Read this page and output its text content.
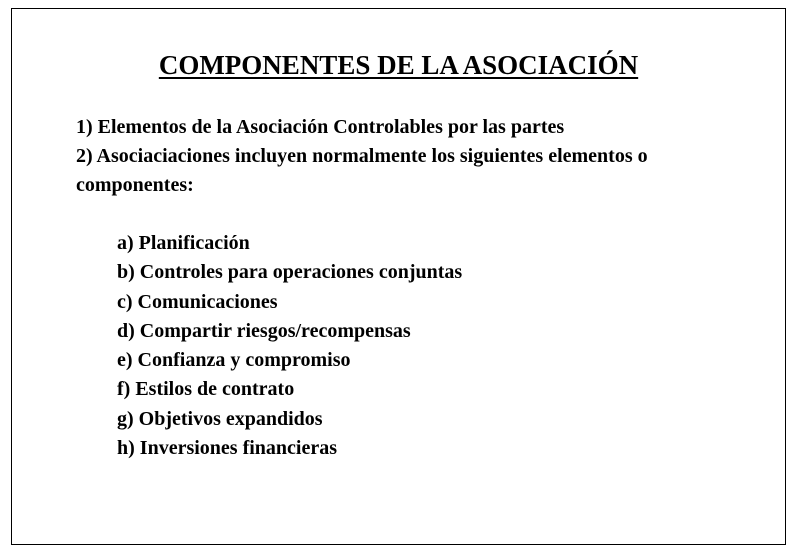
COMPONENTES DE LA ASOCIACIÓN
1) Elementos de la Asociación Controlables por las partes
2) Asociaciaciones incluyen normalmente los siguientes elementos o componentes:
a) Planificación
b) Controles para operaciones conjuntas
c) Comunicaciones
d) Compartir riesgos/recompensas
e) Confianza y compromiso
f) Estilos de contrato
g) Objetivos expandidos
h) Inversiones financieras
